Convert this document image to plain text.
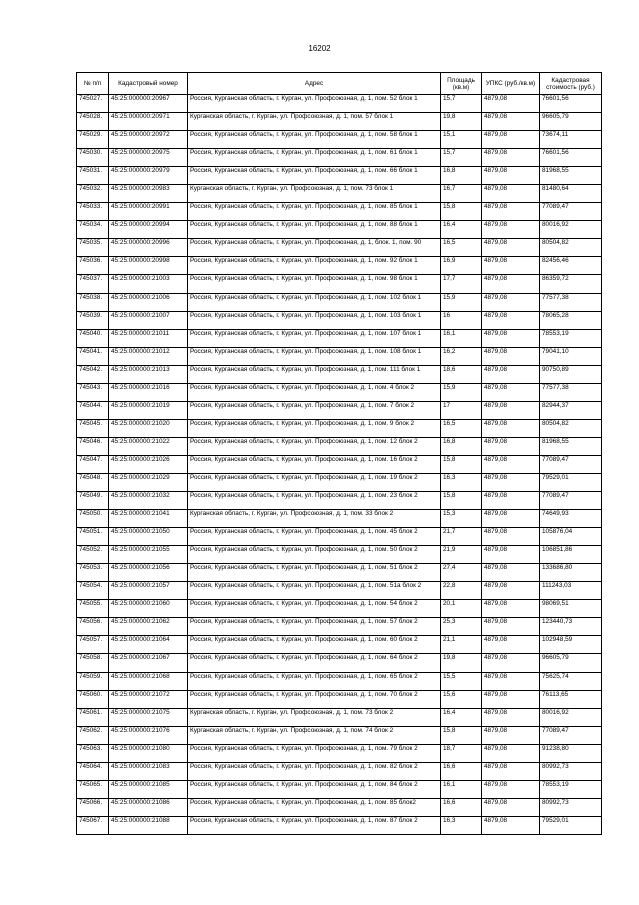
16202
№ п/п	Кадастровый номер	Адрес	Площадь (кв.м)	УПКС (руб./кв.м)	Кадастровая стоимость (руб.)
745027.	45:25:000000:20967	Россия, Курганская область, г. Курган, ул. Профсоюзная, д. 1, пом. 52 блок 1	15,7	4879,08	76601,56
745028.	45:25:000000:20971	Курганская область, г. Курган, ул. Профсоюзная, д. 1, пом. 57 блок 1	19,8	4879,08	96605,79
745029.	45:25:000000:20972	Россия, Курганская область, г. Курган, ул. Профсоюзная, д. 1, пом. 58 блок 1	15,1	4879,08	73674,11
745030.	45:25:000000:20975	Россия, Курганская область, г. Курган, ул. Профсоюзная, д. 1, пом. 61 блок 1	15,7	4879,08	76601,56
745031.	45:25:000000:20979	Россия, Курганская область, г. Курган, ул. Профсоюзная, д. 1, пом. 66 блок 1	16,8	4879,08	81968,55
745032.	45:25:000000:20983	Курганская область, г. Курган, ул. Профсоюзная, д. 1, пом. 73 блок 1	16,7	4879,08	81480,64
745033.	45:25:000000:20991	Россия, Курганская область, г. Курган, ул. Профсоюзная, д. 1, пом. 85 блок 1	15,8	4879,08	77089,47
745034.	45:25:000000:20994	Россия, Курганская область, г. Курган, ул. Профсоюзная, д. 1, пом. 88 блок 1	16,4	4879,08	80016,92
745035.	45:25:000000:20996	Россия, Курганская область, г. Курган, ул. Профсоюзная, д. 1, блок. 1, пом. 90	16,5	4879,08	80504,82
745036.	45:25:000000:20998	Россия, Курганская область, г. Курган, ул. Профсоюзная, д. 1, пом. 92 блок 1	16,9	4879,08	82456,46
745037.	45:25:000000:21003	Россия, Курганская область, г. Курган, ул. Профсоюзная, д. 1, пом. 98 блок 1	17,7	4879,08	86359,72
745038.	45:25:000000:21006	Россия, Курганская область, г. Курган, ул. Профсоюзная, д. 1, пом. 102 блок 1	15,9	4879,08	77577,38
745039.	45:25:000000:21007	Россия, Курганская область, г. Курган, ул. Профсоюзная, д. 1, пом. 103 блок 1	16	4879,08	78065,28
745040.	45:25:000000:21011	Россия, Курганская область, г. Курган, ул. Профсоюзная, д. 1, пом. 107 блок 1	16,1	4879,08	78553,19
745041.	45:25:000000:21012	Россия, Курганская область, г. Курган, ул. Профсоюзная, д. 1, пом. 108 блок 1	16,2	4879,08	79041,10
745042.	45:25:000000:21013	Россия, Курганская область, г. Курган, ул. Профсоюзная, д. 1, пом. 111 блок 1	18,6	4879,08	90750,89
745043.	45:25:000000:21016	Россия, Курганская область, г. Курган, ул. Профсоюзная, д. 1, пом. 4 блок 2	15,9	4879,08	77577,38
745044.	45:25:000000:21019	Россия, Курганская область, г. Курган, ул. Профсоюзная, д. 1, пом. 7 блок 2	17	4879,08	82944,37
745045.	45:25:000000:21020	Россия, Курганская область, г. Курган, ул. Профсоюзная, д. 1, пом. 9 блок 2	16,5	4879,08	80504,82
745046.	45:25:000000:21022	Россия, Курганская область, г. Курган, ул. Профсоюзная, д. 1, пом. 12 блок 2	16,8	4879,08	81968,55
745047.	45:25:000000:21026	Россия, Курганская область, г. Курган, ул. Профсоюзная, д. 1, пом. 16 блок 2	15,8	4879,08	77089,47
745048.	45:25:000000:21029	Россия, Курганская область, г. Курган, ул. Профсоюзная, д. 1, пом. 19 блок 2	16,3	4879,08	79529,01
745049.	45:25:000000:21032	Россия, Курганская область, г. Курган, ул. Профсоюзная, д. 1, пом. 23 блок 2	15,8	4879,08	77089,47
745050.	45:25:000000:21041	Курганская область, г. Курган, ул. Профсоюзная, д. 1, пом. 33 блок 2	15,3	4879,08	74649,93
745051.	45:25:000000:21050	Россия, Курганская область, г. Курган, ул. Профсоюзная, д. 1, пом. 45 блок 2	21,7	4879,08	105876,04
745052.	45:25:000000:21055	Россия, Курганская область, г. Курган, ул. Профсоюзная, д. 1, пом. 50 блок 2	21,9	4879,08	106851,86
745053.	45:25:000000:21056	Россия, Курганская область, г. Курган, ул. Профсоюзная, д. 1, пом. 51 блок 2	27,4	4879,08	133686,80
745054.	45:25:000000:21057	Россия, Курганская область, г. Курган, ул. Профсоюзная, д. 1, пом. 51а блок 2	22,8	4879,08	111243,03
745055.	45:25:000000:21060	Россия, Курганская область, г. Курган, ул. Профсоюзная, д. 1, пом. 54 блок 2	20,1	4879,08	98069,51
745056.	45:25:000000:21062	Россия, Курганская область, г. Курган, ул. Профсоюзная, д. 1, пом. 57 блок 2	25,3	4879,08	123440,73
745057.	45:25:000000:21064	Россия, Курганская область, г. Курган, ул. Профсоюзная, д. 1, пом. 60 блок 2	21,1	4879,08	102948,59
745058.	45:25:000000:21067	Россия, Курганская область, г. Курган, ул. Профсоюзная, д. 1, пом. 64 блок 2	19,8	4879,08	96605,79
745059.	45:25:000000:21068	Россия, Курганская область, г. Курган, ул. Профсоюзная, д. 1, пом. 65 блок 2	15,5	4879,08	75625,74
745060.	45:25:000000:21072	Россия, Курганская область, г. Курган, ул. Профсоюзная, д. 1, пом. 70 блок 2	15,6	4879,08	76113,65
745061.	45:25:000000:21075	Курганская область, г. Курган, ул. Профсоюзная, д. 1, пом. 73 блок 2	16,4	4879,08	80016,92
745062.	45:25:000000:21076	Курганская область, г. Курган, ул. Профсоюзная, д. 1, пом. 74 блок 2	15,8	4879,08	77089,47
745063.	45:25:000000:21080	Россия, Курганская область, г. Курган, ул. Профсоюзная, д. 1, пом. 79 блок 2	18,7	4879,08	91238,80
745064.	45:25:000000:21083	Россия, Курганская область, г. Курган, ул. Профсоюзная, д. 1, пом. 82 блок 2	16,6	4879,08	80992,73
745065.	45:25:000000:21085	Россия, Курганская область, г. Курган, ул. Профсоюзная, д. 1, пом. 84 блок 2	16,1	4879,08	78553,19
745066.	45:25:000000:21086	Россия, Курганская область, г. Курган, ул. Профсоюзная, д. 1, пом. 85 блок2	16,6	4879,08	80992,73
745067.	45:25:000000:21088	Россия, Курганская область, г. Курган, ул. Профсоюзная, д. 1, пом. 87 блок 2	16,3	4879,08	79529,01
